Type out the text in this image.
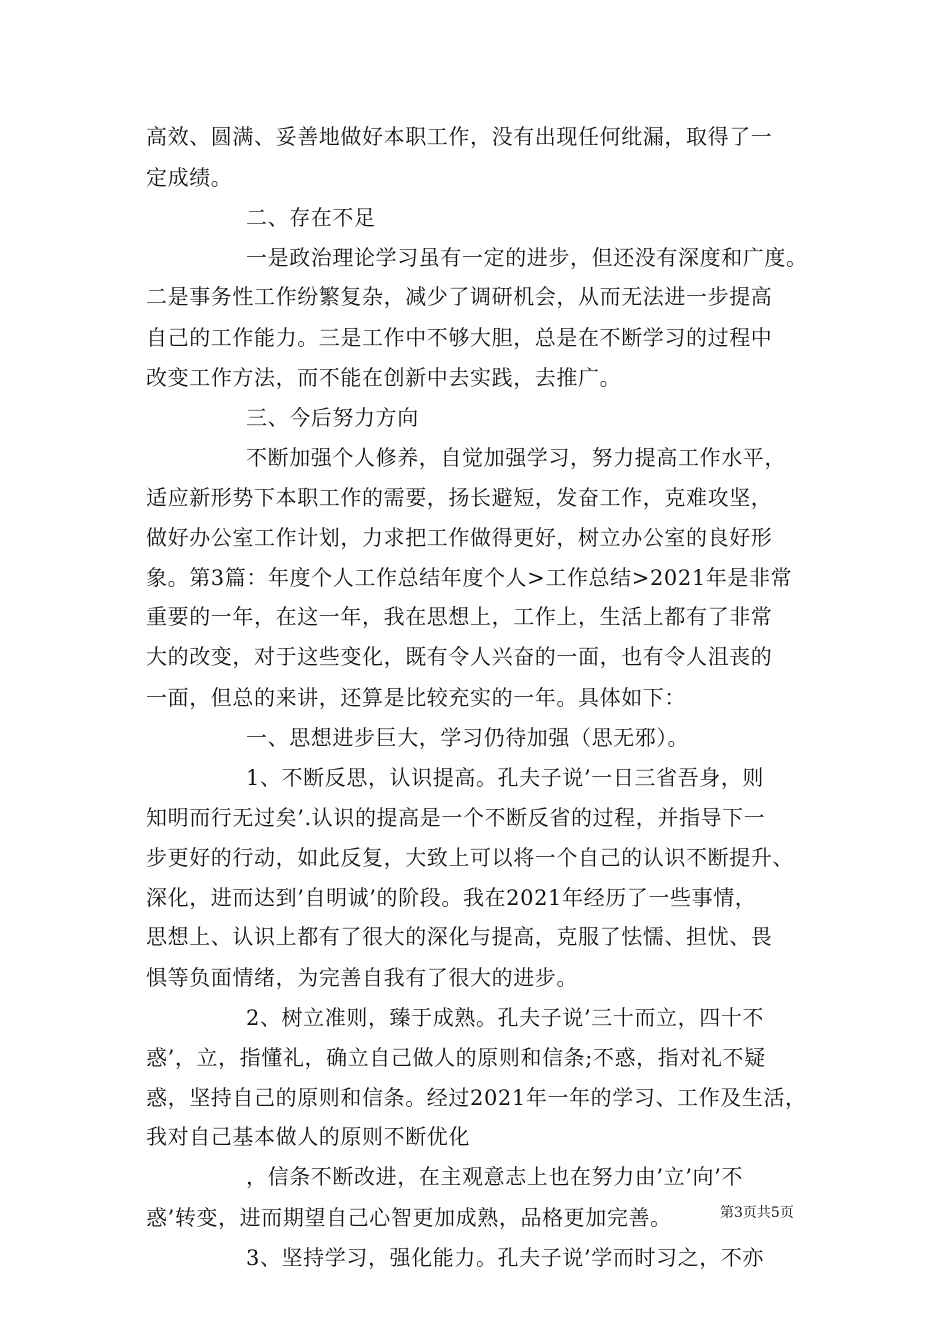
高效、圆满、妥善地做好本职工作，没有出现任何纰漏，取得了一
定成绩。
二、存在不足
一是政治理论学习虽有一定的进步，但还没有深度和广度。
二是事务性工作纷繁复杂，减少了调研机会，从而无法进一步提高
自己的工作能力。三是工作中不够大胆，总是在不断学习的过程中
改变工作方法，而不能在创新中去实践，去推广。
三、今后努力方向
不断加强个人修养，自觉加强学习，努力提高工作水平，
适应新形势下本职工作的需要，扬长避短，发奋工作，克难攻坚，
做好办公室工作计划，力求把工作做得更好，树立办公室的良好形
象。第3篇：年度个人工作总结年度个人>工作总结>2021年是非常
重要的一年，在这一年，我在思想上，工作上，生活上都有了非常
大的改变，对于这些变化，既有令人兴奋的一面，也有令人沮丧的
一面，但总的来讲，还算是比较充实的一年。具体如下：
一、思想进步巨大，学习仍待加强（思无邪）。
1、不断反思，认识提高。孔夫子说’一日三省吾身，则
知明而行无过矣’.认识的提高是一个不断反省的过程，并指导下一
步更好的行动，如此反复，大致上可以将一个自己的认识不断提升、
深化，进而达到’自明诚’的阶段。我在2021年经历了一些事情，
思想上、认识上都有了很大的深化与提高，克服了怯懦、担忧、畏
惧等负面情绪，为完善自我有了很大的进步。
2、树立准则，臻于成熟。孔夫子说’三十而立，四十不
惑’，立，指懂礼，确立自己做人的原则和信条;不惑，指对礼不疑
惑，坚持自己的原则和信条。经过2021年一年的学习、工作及生活，
我对自己基本做人的原则不断优化
，信条不断改进，在主观意志上也在努力由’立’向’不
惑’转变，进而期望自己心智更加成熟，品格更加完善。
3、坚持学习，强化能力。孔夫子说’学而时习之，不亦
第3页共5页
